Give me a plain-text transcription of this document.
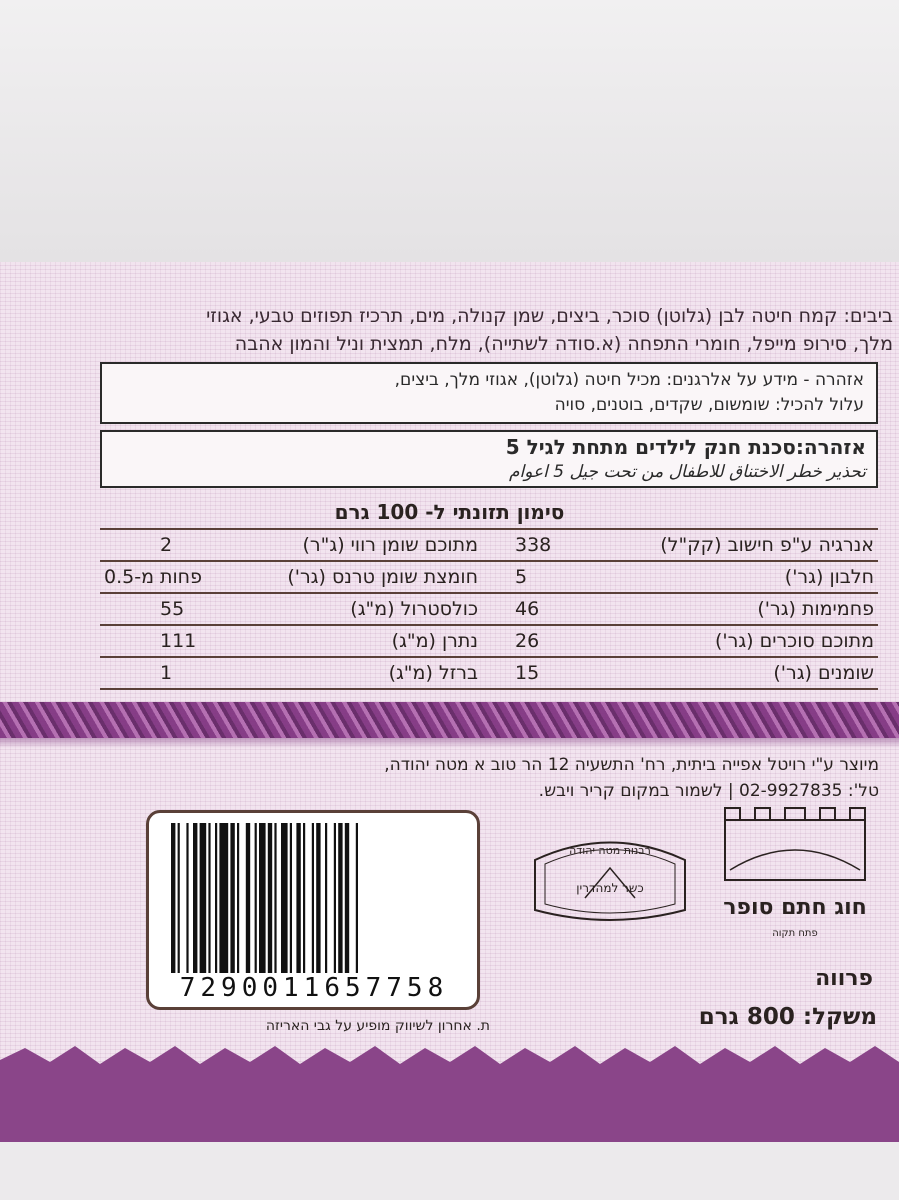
ביבים: קמח חיטה לבן (גלוטן) סוכר, ביצים, שמן קנולה, מים, תרכיז תפוזים טבעי, אגוזי
מלך, סירופ מייפל, חומרי התפחה (א.סודה לשתייה), מלח, תמצית וניל והמון אהבה
אזהרה - מידע על אלרגנים: מכיל חיטה (גלוטן), אגוזי מלך, ביצים,
עלול להכיל: שומשום, שקדים, בוטנים, סויה
אזהרה:סכנת חנק לילדים מתחת לגיל 5
تحذير خطر الاختناق للاطفال من تحت جيل 5 اعوام
סימון תזונתי ל- 100 גרם
אנרגיה ע"פ חישוב (קק"ל)
338
מתוכם שומן רווי (ג"ר)
2
חלבון (גר')
5
חומצת שומן טרנס (גר')
פחות מ-0.5
פחמימות (גר')
46
כולסטרול (מ"ג)
55
מתוכם סוכרים (גר')
26
נתרן (מ"ג)
111
שומנים (גר')
15
ברזל (מ"ג)
1
מיוצר ע"י רויטל אפייה ביתית, רח' התשעיה 12 הר טוב א מטה יהודה,
טל': 02-9927835 | לשמור במקום קריר ויבש.
7290011657758
ת. אחרון לשיווק מופיע על גבי האריזה
רבנות מטה יהודה
כשר למהדרין
חוג חתם סופר
פתח תקוה
פרווה
משקל: 800 גרם
